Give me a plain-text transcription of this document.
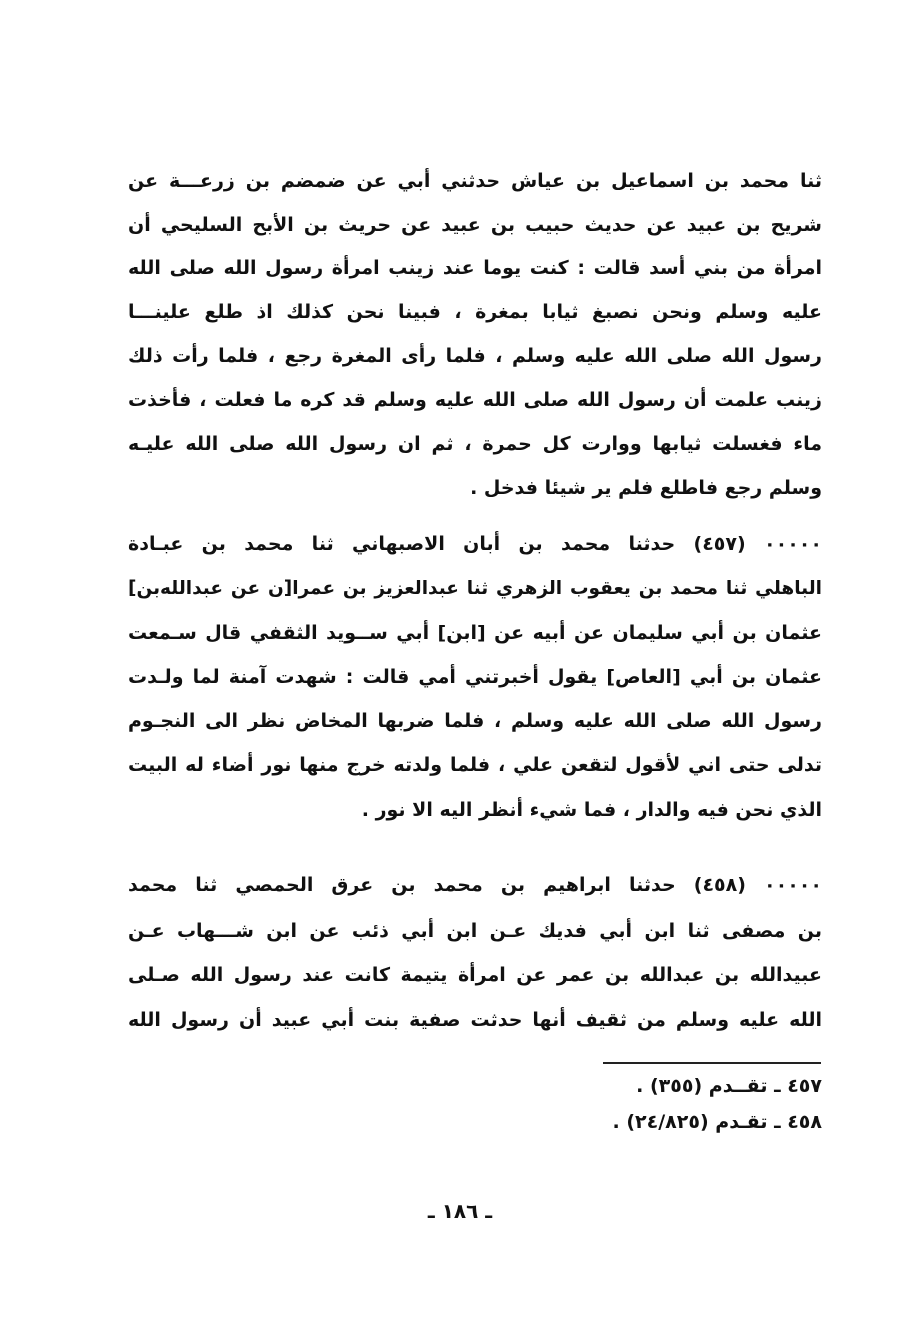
ثنا محمد بن اسماعيل بن عياش حدثني أبي عن ضمضم بن زرعـــة عن
شريح بن عبيد عن حديث حبيب بن عبيد عن حريث بن الأبح السليحي أن
امرأة من بني أسد قالت : كنت يوما عند زينب امرأة رسول الله صلى الله
عليه وسلم ونحن نصبغ ثيابا بمغرة ، فبينا نحن كذلك اذ طلع علينـــا
رسول الله صلى الله عليه وسلم ، فلما رأى المغرة رجع ، فلما رأت ذلك
زينب علمت أن رسول الله صلى الله عليه وسلم قد كره ما فعلت ، فأخذت
ماء فغسلت ثيابها ووارت كل حمرة ، ثم ان رسول الله صلى الله عليـه
وسلم رجع فاطلع فلم ير شيئا فدخل .
٠٠٠٠٠ (٤٥٧) حدثنا محمد بن أبان الاصبهاني ثنا محمد بن عبـادة
الباهلي ثنا محمد بن يعقوب الزهري ثنا عبدالعزيز بن عمرا[ن عن عبدالله‌بن]
عثمان بن أبي سليمان عن أبيه عن [ابن] أبي ســويد الثقفي قال سـمعت
عثمان بن أبي [العاص] يقول أخبرتني أمي قالت : شهدت آمنة لما ولـدت
رسول الله صلى الله عليه وسلم ، فلما ضربها المخاض نظر الى النجـوم
تدلى حتى اني لأقول لتقعن علي ، فلما ولدته خرج منها نور أضاء له البيت
الذي نحن فيه والدار ، فما شيء أنظر اليه الا نور .
٠٠٠٠٠ (٤٥٨) حدثنا ابراهيم بن محمد بن عرق الحمصي ثنا محمد
بن مصفى ثنا ابن أبي فديك عـن ابن أبي ذئب عن ابن شـــهاب عـن
عبيدالله بن عبدالله بن عمر عن امرأة يتيمة كانت عند رسول الله صـلى
الله عليه وسلم من ثقيف أنها حدثت صفية بنت أبي عبيد أن رسول الله
٤٥٧ ـ تقــدم (٣٥٥) .
٤٥٨ ـ تقـدم (٢٤/٨٢٥) .
ـ ١٨٦ ـ
